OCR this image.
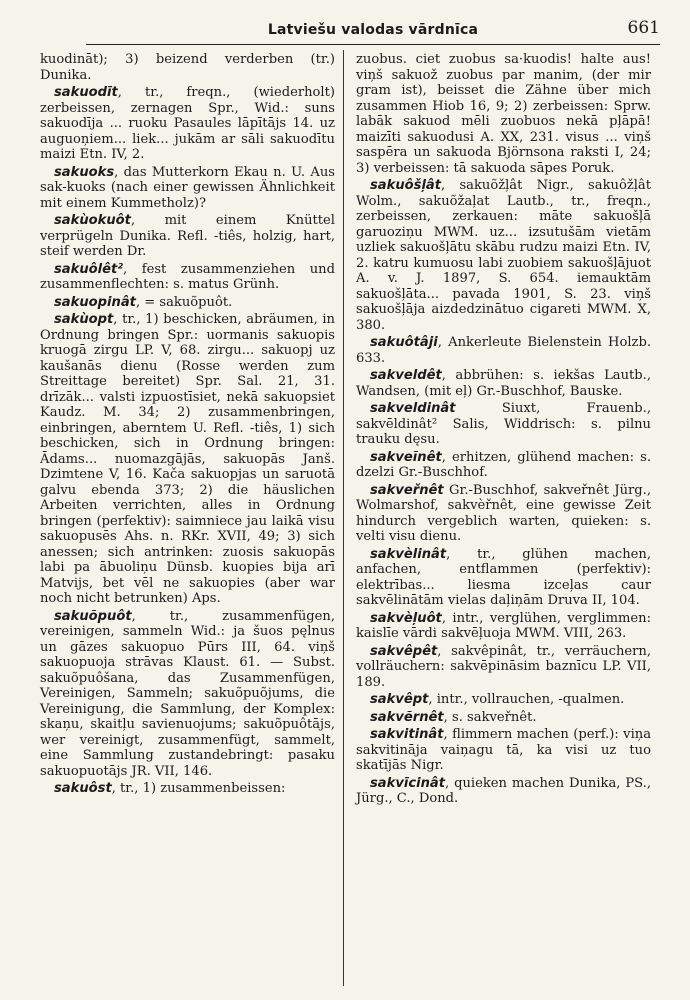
Latviešu valodas vārdnīca	661

kuodināt); 3) beizend verderben (tr.) Dunika.

sakuodīt, tr., freqn., (wiederholt) zerbeissen, zernagen Spr., Wid.: suns sakuodīja ... ruoku Pasaules lāpītājs 14. uz auguoņiem... liek... jukām ar sāli sakuodītu maizi Etn. IV, 2.

sakuoks, das Mutterkorn Ekau n. U. Aus sak-kuoks (nach einer gewissen Ähnlichkeit mit einem Kummetholz)?

sakùokuôt, mit einem Knüttel verprügeln Dunika. Refl. -tiês, holzig, hart, steif werden Dr.

sakuôlêt², fest zusammenziehen und zusammenflechten: s. matus Grünh.

sakuopinât, = sakuõpuôt.

sakùopt, tr., 1) beschicken, abräumen, in Ordnung bringen Spr.: uormanis sakuopis kruogā zirgu LP. V, 68. zirgu... sakuopj uz kaušanās dienu (Rosse werden zum Streittage bereitet) Spr. Sal. 21, 31. drīzāk... valsti izpuostīsiet, nekā sakuopsiet Kaudz. M. 34; 2) zusammenbringen, einbringen, aberntem U. Refl. -tiês, 1) sich beschicken, sich in Ordnung bringen: Ādams... nuomazgājās, sakuopās Janš. Dzimtene V, 16. Kača sakuopjas un saruotā galvu ebenda 373; 2) die häuslichen Arbeiten verrichten, alles in Ordnung bringen (perfektiv): saimniece jau laikā visu sakuopusēs Ahs. n. RKr. XVII, 49; 3) sich anessen; sich antrinken: zuosis sakuopās labi pa ābuoliņu Dünsb. kuopies bija arī Matvijs, bet vēl ne sakuopies (aber war noch nicht betrunken) Aps.

sakuõpuôt, tr., zusammenfügen, vereinigen, sammeln Wid.: ja šuos pęlnus un gāzes sakuopuo Pūrs III, 64. viņš sakuopuoja strāvas Klaust. 61. — Subst. sakuõpuôšana, das Zusammenfügen, Vereinigen, Sammeln; sakuõpuõjums, die Vereinigung, die Sammlung, der Komplex: skaņu, skaitļu savienuojums; sakuõpuôtājs, wer vereinigt, zusammenfügt, sammelt, eine Sammlung zustandebringt: pasaku sakuopuotājs JR. VII, 146.

sakuôst, tr., 1) zusammenbeissen:

zuobus. ciet zuobus sa·kuodis! halte aus! viņš sakuož zuobus par manim, (der mir gram ist), beisset die Zähne über mich zusammen Hiob 16, 9; 2) zerbeissen: Sprw. labāk sakuod mēli zuobuos nekā pļāpā! maizīti sakuodusi A. XX, 231. visus ... viņš saspēra un sakuoda Björnsona raksti I, 24; 3) verbeissen: tā sakuoda sāpes Poruk.

sakuôšļât, sakuõžļât Nigr., sakuôžļât Wolm., sakuõžaļat Lautb., tr., freqn., zerbeissen, zerkauen: māte sakuošļā garuoziņu MWM. uz... izsutušām vietām uzliek sakuošļātu skābu rudzu maizi Etn. IV, 2. katru kumuosu labi zuobiem sakuošļājuot A. v. J. 1897, S. 654. iemauktām sakuošļāta... pavada 1901, S. 23. viņš sakuošļāja aizdedzinātuo cigareti MWM. X, 380.

sakuôtâji, Ankerleute Bielenstein Holzb. 633.

sakveldêt, abbrühen: s. iekšas Lautb., Wandsen, (mit eļ) Gr.-Buschhof, Bauske.

sakveldinât Siuxt, Frauenb., sakvēldinât² Salis, Widdrisch: s. pilnu trauku dęsu.

sakveĩnêt, erhitzen, glühend machen: s. dzelzi Gr.-Buschhof.

sakveřnêt Gr.-Buschhof, sakveřnêt Jürg., Wolmarshof, sakvèřnêt, eine gewisse Zeit hindurch vergeblich warten, quieken: s. velti visu dienu.

sakvèlinât, tr., glühen machen, anfachen, entflammen (perfektiv): elektrības... liesma izceļas caur sakvēlinātām vielas daļiņām Druva II, 104.

sakvèļuôt, intr., verglühen, verglimmen: kaislīe vārdi sakvēļuoja MWM. VIII, 263.

sakvêpêt, sakvêpinât, tr., verräuchern, vollräuchern: sakvēpināsim baznīcu LP. VII, 189.

sakvêpt, intr., vollrauchen, -qualmen.

sakvẽrnêt, s. sakveřnêt.

sakvitinât, flimmern machen (perf.): viņa sakvitināja vaiņagu tā, ka visi uz tuo skatījās Nigr.

sakvīcinât, quieken machen Dunika, PS., Jürg., C., Dond.
